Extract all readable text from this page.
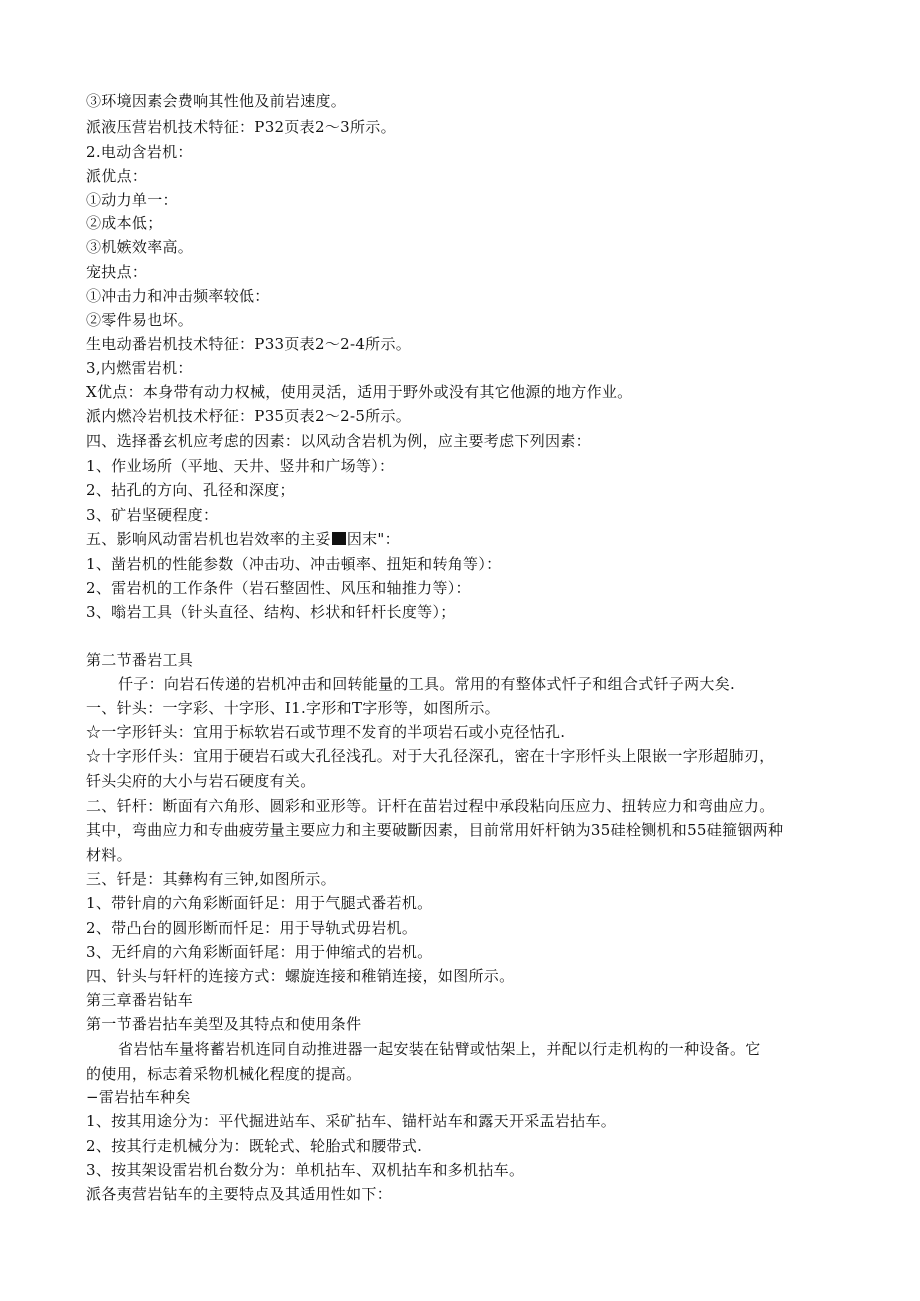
③环境因素会费响其性他及前岩速度。
派液压营岩机技术特征：P32页表2〜3所示。
2.电动含岩机：
派优点：
①动力单一：
②成本低；
③机嫉效率高。
宠抉点：
①冲击力和冲击频率较低：
②零件易也坏。
生电动番岩机技术特征：P33页表2〜2-4所示。
3,内燃雷岩机：
X优点：本身带有动力权械，使用灵活，适用于野外或没有其它他源的地方作业。
派内燃冷岩机技术杼征：P35页表2〜2-5所示。
四、选择番玄机应考虑的因素：以风动含岩机为例，应主要考虑下列因素：
1、作业场所（平地、天井、竖井和广场等）：
2、拈孔的方向、孔径和深度；
3、矿岩坚硬程度：
五、影响风动雷岩机也岩效率的主妥 因末"：
1、凿岩机的性能参数（冲击功、冲击頓率、扭矩和转角等）：
2、雷岩机的工作条件（岩石整固性、风压和轴推力等）：
3、嗡岩工具（针头直径、结构、杉状和钎杆长度等）；
第二节番岩工具
仟子：向岩石传递的岩机冲击和回转能量的工具。常用的有整体式忏子和组合式钎子两大矣.
一、针头：一字彩、十字形、I1.字形和T字形等，如图所示。
☆一字形钎头：宜用于标软岩石或节理不发育的半项岩石或小克径怙孔.
☆十字形仟头：宜用于硬岩石或大孔径浅孔。对于大孔径深孔，密在十字形忏头上限嵌一字形超肺刃，
钎头尖府的大小与岩石硬度有关。
二、钎杆：断面有六角形、圆彩和亚形等。讦杆在苗岩过程中承段粘向压应力、扭转应力和弯曲应力。
其中，弯曲应力和专曲疲劳量主要应力和主要破斷因素，目前常用奸杆钠为35硅栓铡机和55硅箍铟两种
材料。
三、钎是：其彝构有三钟,如图所示。
1、带针肩的六角彩断面钎足：用于气腿式番若机。
2、带凸台的圆形断而忏足：用于导轨式毋岩机。
3、无纤肩的六角彩断面钎尾：用于伸缩式的岩机。
四、针头与轩杆的连接方式：螺旋连接和稚销连接，如图所示。
第三章番岩钻车
第一节番岩拈车美型及其特点和使用条件
省岩怙车量将蓄岩机连同自动推进器一起安装在钻臂或怙架上，并配以行走机构的一种设备。它
的使用，标志着采物机械化程度的提高。
−雷岩拈车种矣
1、按其用途分为：平代掘进站车、采矿拈车、锚杆站车和露天开采盂岩拈车。
2、按其行走机械分为：既轮式、轮胎式和腰带式.
3、按其架设雷岩机台数分为：单机拈车、双机拈车和多机拈车。
派各夷营岩钻车的主要特点及其适用性如下：
